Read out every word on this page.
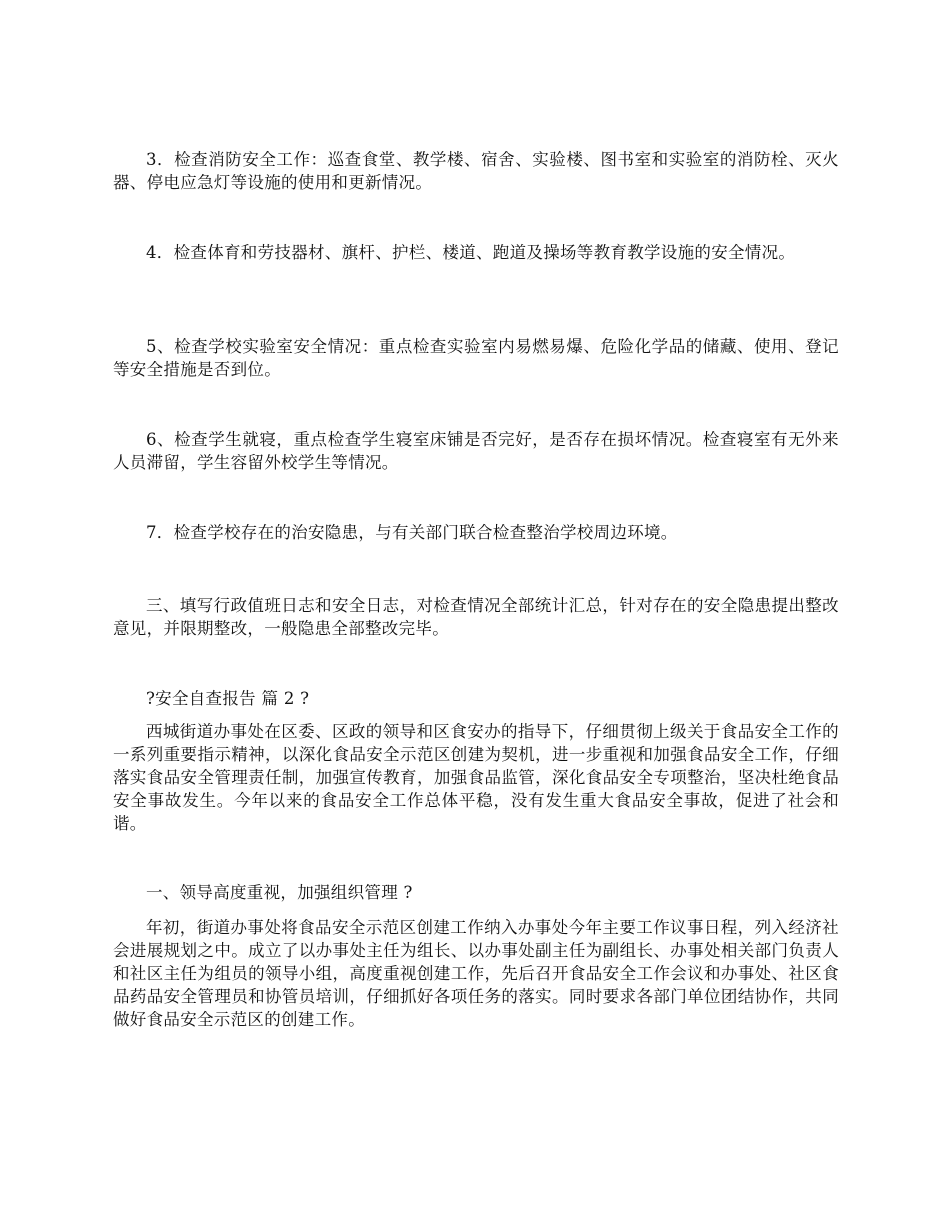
3．检查消防安全工作：巡查食堂、教学楼、宿舍、实验楼、图书室和实验室的消防栓、灭火器、停电应急灯等设施的使用和更新情况。

4．检查体育和劳技器材、旗杆、护栏、楼道、跑道及操场等教育教学设施的安全情况。

5、检查学校实验室安全情况：重点检查实验室内易燃易爆、危险化学品的储藏、使用、登记等安全措施是否到位。

6、检查学生就寝，重点检查学生寝室床铺是否完好，是否存在损坏情况。检查寝室有无外来人员滞留，学生容留外校学生等情况。

7．检查学校存在的治安隐患，与有关部门联合检查整治学校周边环境。

三、填写行政值班日志和安全日志，对检查情况全部统计汇总，针对存在的安全隐患提出整改意见，并限期整改，一般隐患全部整改完毕。

?安全自查报告 篇 2 ?

西城街道办事处在区委、区政的领导和区食安办的指导下，仔细贯彻上级关于食品安全工作的一系列重要指示精神，以深化食品安全示范区创建为契机，进一步重视和加强食品安全工作，仔细落实食品安全管理责任制，加强宣传教育，加强食品监管，深化食品安全专项整治，坚决杜绝食品安全事故发生。今年以来的食品安全工作总体平稳，没有发生重大食品安全事故，促进了社会和谐。

一、领导高度重视，加强组织管理 ?

年初，街道办事处将食品安全示范区创建工作纳入办事处今年主要工作议事日程，列入经济社会进展规划之中。成立了以办事处主任为组长、以办事处副主任为副组长、办事处相关部门负责人和社区主任为组员的领导小组，高度重视创建工作，先后召开食品安全工作会议和办事处、社区食品药品安全管理员和协管员培训，仔细抓好各项任务的落实。同时要求各部门单位团结协作，共同做好食品安全示范区的创建工作。
